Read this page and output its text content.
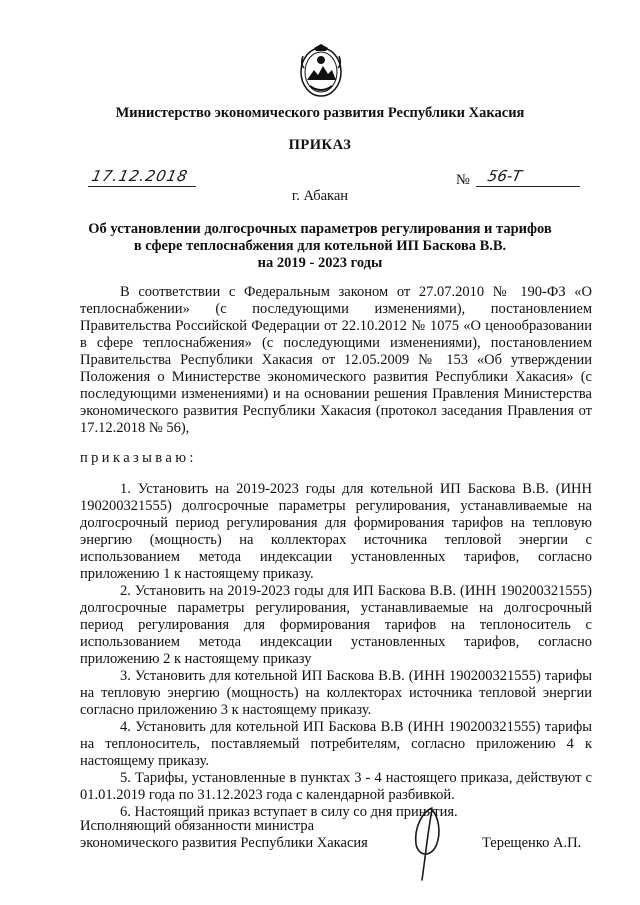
Министерство экономического развития Республики Хакасия
ПРИКАЗ
17.12.2018	№ 56-Т
г. Абакан
Об установлении долгосрочных параметров регулирования и тарифов
в сфере теплоснабжения для котельной ИП Баскова В.В.
на 2019 - 2023 годы
В соответствии с Федеральным законом от 27.07.2010 № 190-ФЗ «О теплоснабжении» (с последующими изменениями), постановлением Правительства Российской Федерации от 22.10.2012 № 1075 «О ценообразовании в сфере теплоснабжения» (с последующими изменениями), постановлением Правительства Республики Хакасия от 12.05.2009 № 153 «Об утверждении Положения о Министерстве экономического развития Республики Хакасия» (с последующими изменениями) и на основании решения Правления Министерства экономического развития Республики Хакасия (протокол заседания Правления от 17.12.2018 № 56),
приказываю:

1. Установить на 2019-2023 годы для котельной ИП Баскова В.В. (ИНН 190200321555) долгосрочные параметры регулирования, устанавливаемые на долгосрочный период регулирования для формирования тарифов на тепловую энергию (мощность) на коллекторах источника тепловой энергии с использованием метода индексации установленных тарифов, согласно приложению 1 к настоящему приказу.

2. Установить на 2019-2023 годы для ИП Баскова В.В. (ИНН 190200321555) долгосрочные параметры регулирования, устанавливаемые на долгосрочный период регулирования для формирования тарифов на теплоноситель с использованием метода индексации установленных тарифов, согласно приложению 2 к настоящему приказу

3. Установить для котельной ИП Баскова В.В. (ИНН 190200321555) тарифы на тепловую энергию (мощность) на коллекторах источника тепловой энергии согласно приложению 3 к настоящему приказу.

4. Установить для котельной ИП Баскова В.В (ИНН 190200321555) тарифы на теплоноситель, поставляемый потребителям, согласно приложению 4 к настоящему приказу.

5. Тарифы, установленные в пунктах 3 - 4 настоящего приказа, действуют с 01.01.2019 года по 31.12.2023 года с календарной разбивкой.

6. Настоящий приказ вступает в силу со дня принятия.

Исполняющий обязанности министра
экономического развития Республики Хакасия	Терещенко А.П.
